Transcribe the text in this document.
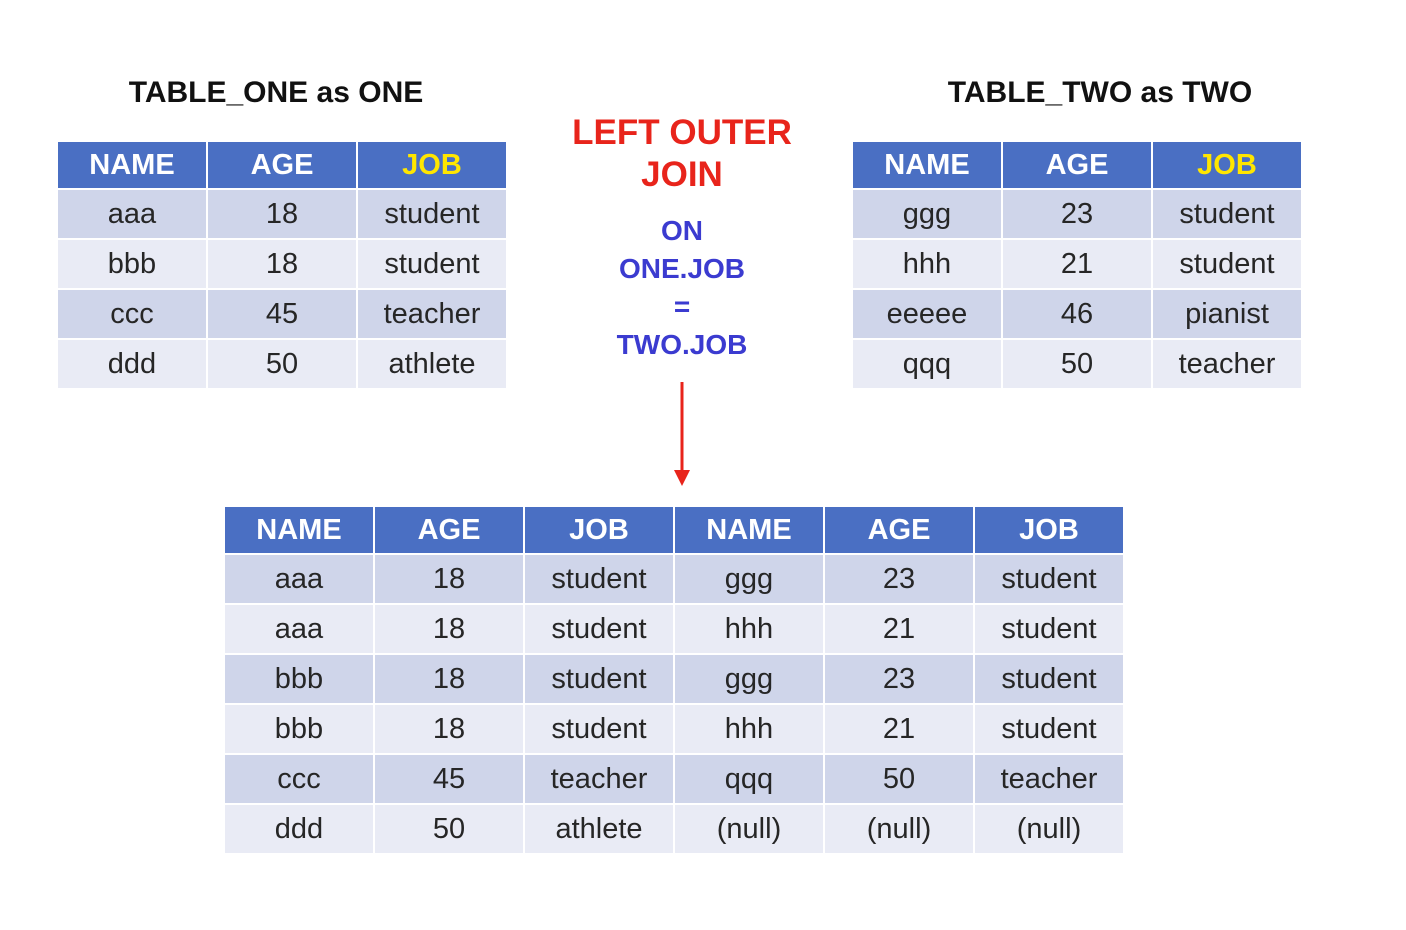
TABLE_ONE as ONE
NAME	AGE	JOB
aaa	18	student
bbb	18	student
ccc	45	teacher
ddd	50	athlete
LEFT OUTER
JOIN
ON
ONE.JOB
=
TWO.JOB
TABLE_TWO as TWO
NAME	AGE	JOB
ggg	23	student
hhh	21	student
eeeee	46	pianist
qqq	50	teacher
NAME	AGE	JOB	NAME	AGE	JOB
aaa	18	student	ggg	23	student
aaa	18	student	hhh	21	student
bbb	18	student	ggg	23	student
bbb	18	student	hhh	21	student
ccc	45	teacher	qqq	50	teacher
ddd	50	athlete	(null)	(null)	(null)
